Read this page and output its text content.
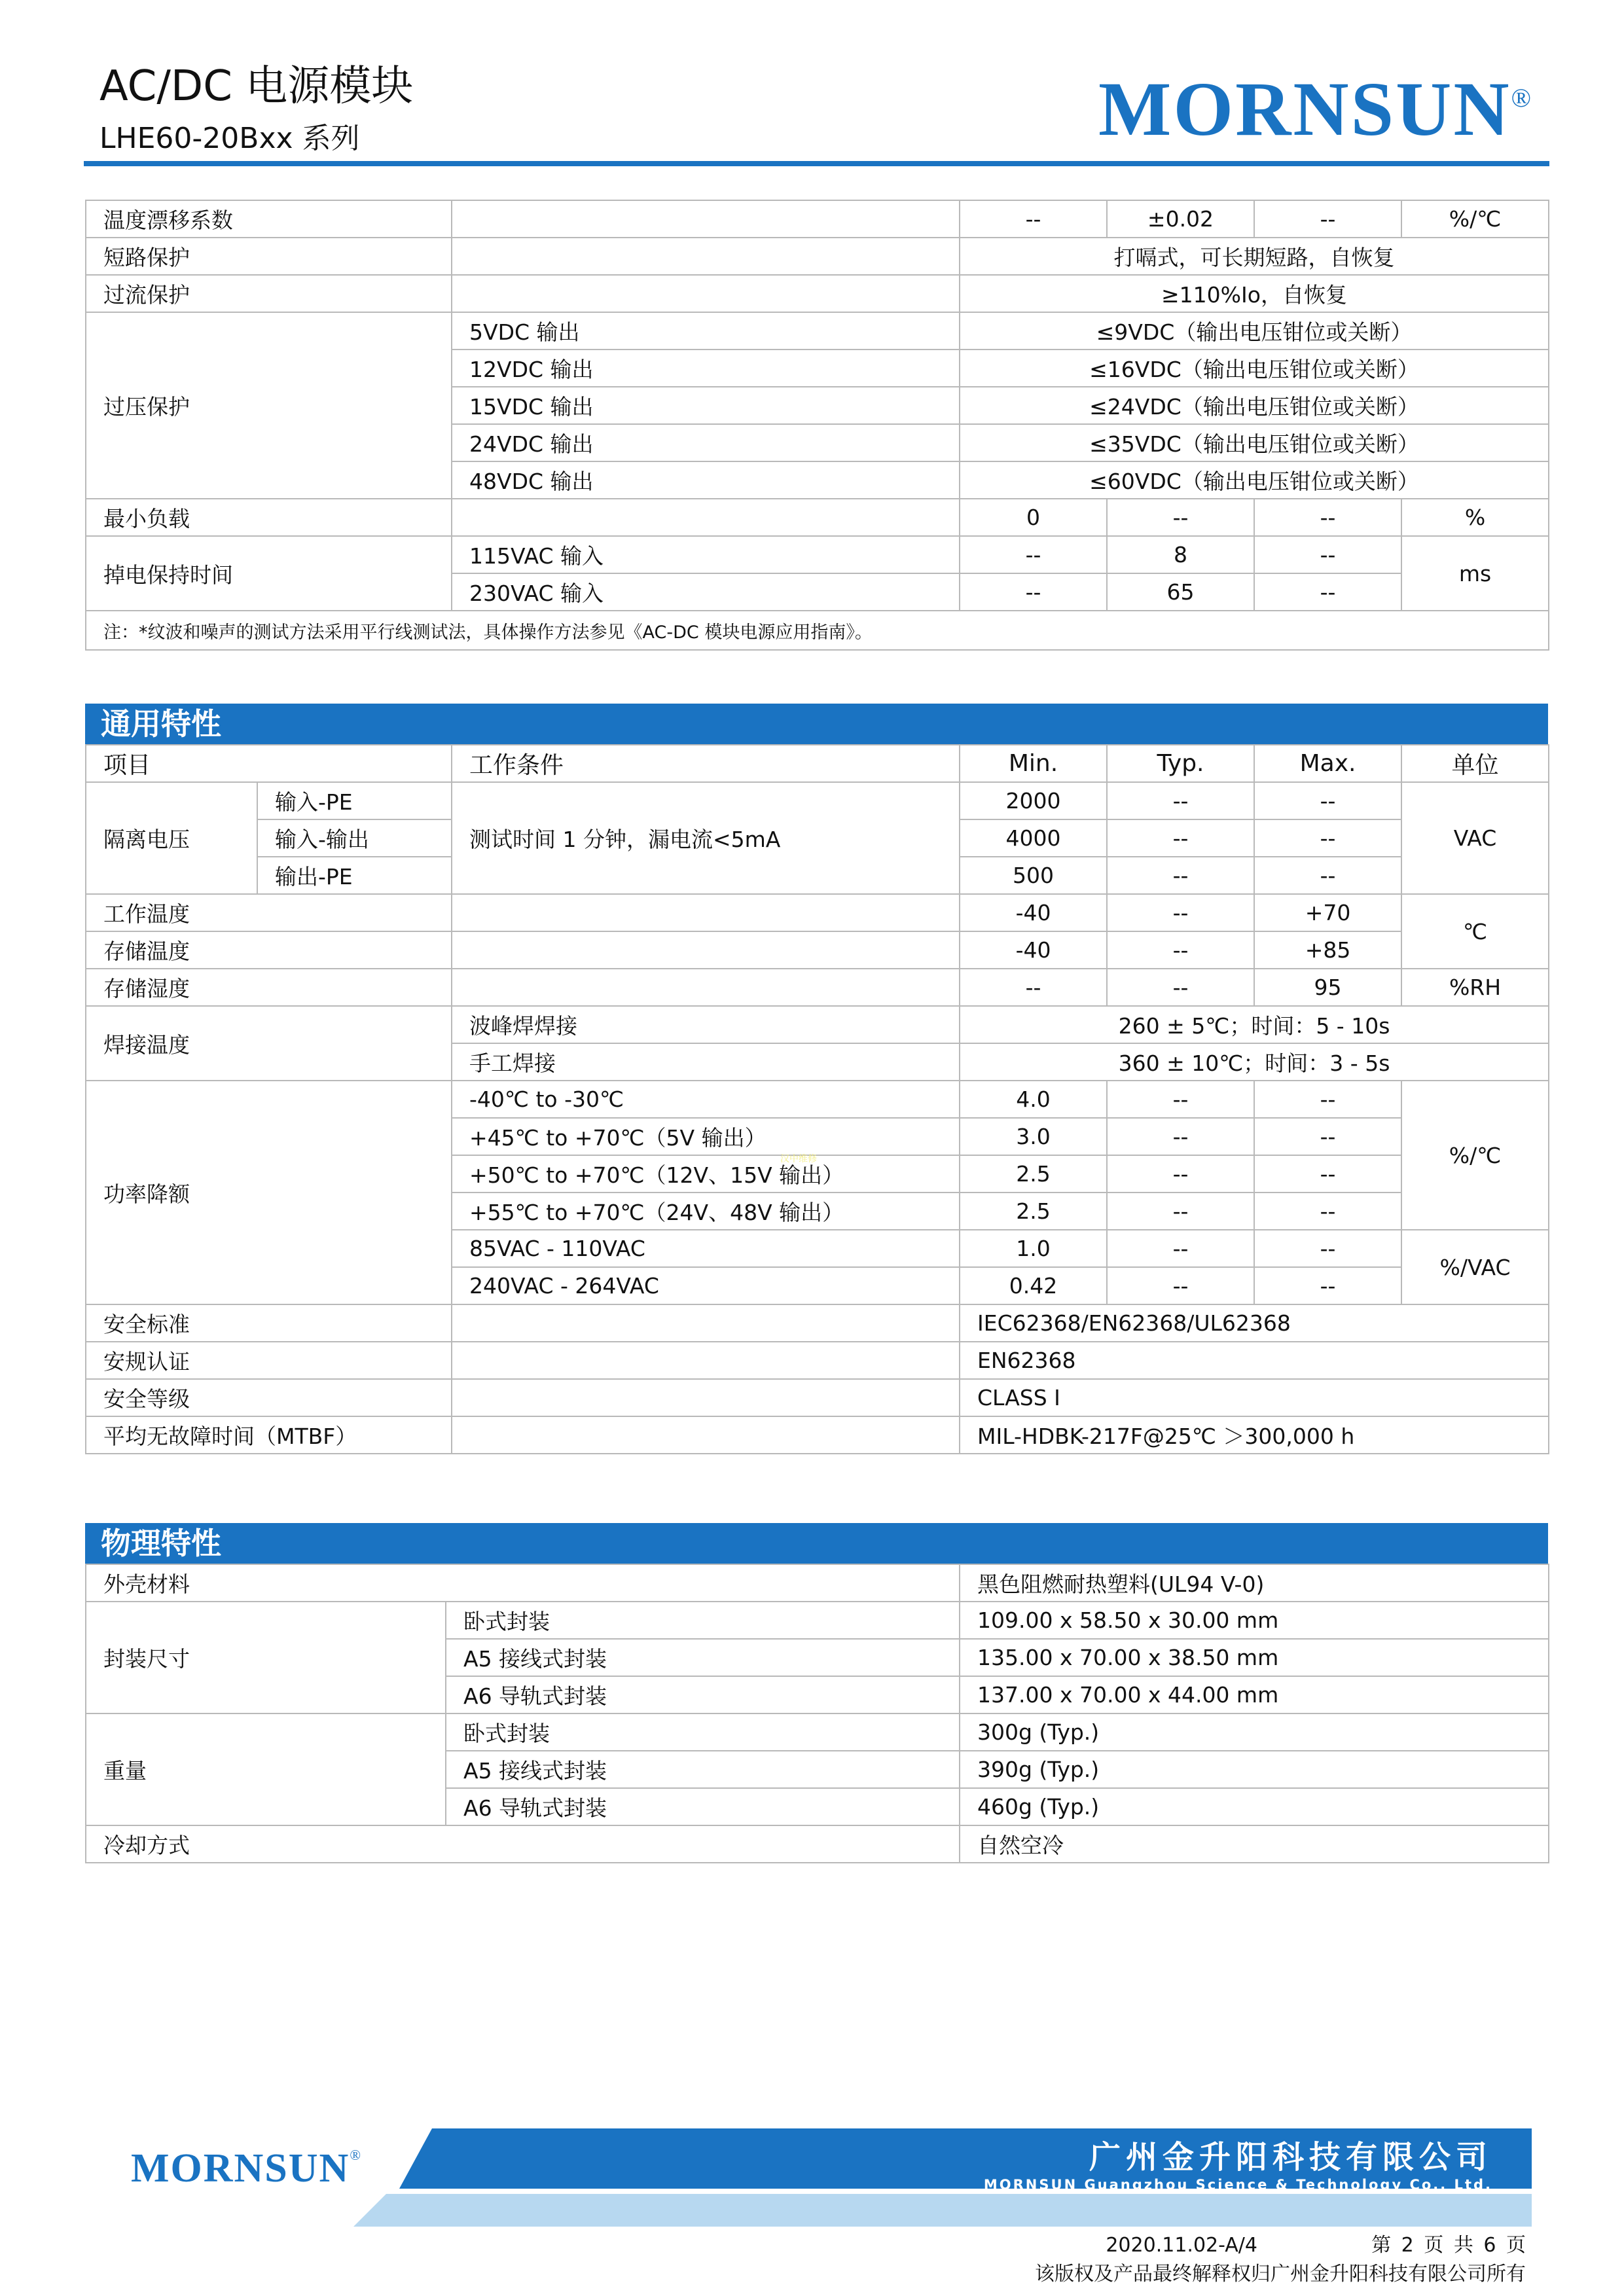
AC/DC 电源模块
LHE60-20Bxx 系列	MORNSUN®
温度漂移系数		--	±0.02	--	%/℃
短路保护		打嗝式，可长期短路，自恢复			
过流保护		≥110%Io，自恢复			
过压保护	5VDC 输出	≤9VDC（输出电压钳位或关断）			
	12VDC 输出	≤16VDC（输出电压钳位或关断）			
	15VDC 输出	≤24VDC（输出电压钳位或关断）			
	24VDC 输出	≤35VDC（输出电压钳位或关断）			
	48VDC 输出	≤60VDC（输出电压钳位或关断）			
最小负载		0	--	--	%
掉电保持时间	115VAC 输入	--	8	--	ms
	230VAC 输入	--	65	--	
注：*纹波和噪声的测试方法采用平行线测试法，具体操作方法参见《AC-DC 模块电源应用指南》。					
通用特性
项目		工作条件	Min.	Typ.	Max.	单位
隔离电压	输入-PE	测试时间 1 分钟，漏电流<5mA	2000	--	--	VAC
	输入-输出		4000	--	--	
	输出-PE		500	--	--	
工作温度			-40	--	+70	℃
存储温度			-40	--	+85	
存储湿度			--	--	95	%RH
焊接温度		波峰焊焊接	260 ± 5℃；时间：5 - 10s			
		手工焊接	360 ± 10℃；时间：3 - 5s			
功率降额		-40℃ to -30℃	4.0	--	--	%/℃
		+45℃ to +70℃（5V 输出）	3.0	--	--	
		+50℃ to +70℃（12V、15V 输出）	2.5	--	--	
		+55℃ to +70℃（24V、48V 输出）	2.5	--	--	
		85VAC - 110VAC	1.0	--	--	%/VAC
		240VAC - 264VAC	0.42	--	--	
安全标准			IEC62368/EN62368/UL62368			
安规认证			EN62368			
安全等级			CLASS I			
平均无故障时间（MTBF）			MIL-HDBK-217F@25℃ ＞300,000 h			
汉中维修
物理特性
外壳材料		黑色阻燃耐热塑料(UL94 V-0)
封装尺寸	卧式封装	109.00 x 58.50 x 30.00 mm
	A5 接线式封装	135.00 x 70.00 x 38.50 mm
	A6 导轨式封装	137.00 x 70.00 x 44.00 mm
重量	卧式封装	300g (Typ.)
	A5 接线式封装	390g (Typ.)
	A6 导轨式封装	460g (Typ.)
冷却方式		自然空冷
MORNSUN®	广州金升阳科技有限公司
MORNSUN Guangzhou Science & Technology Co., Ltd.
2020.11.02-A/4	第 2 页 共 6 页
该版权及产品最终解释权归广州金升阳科技有限公司所有
